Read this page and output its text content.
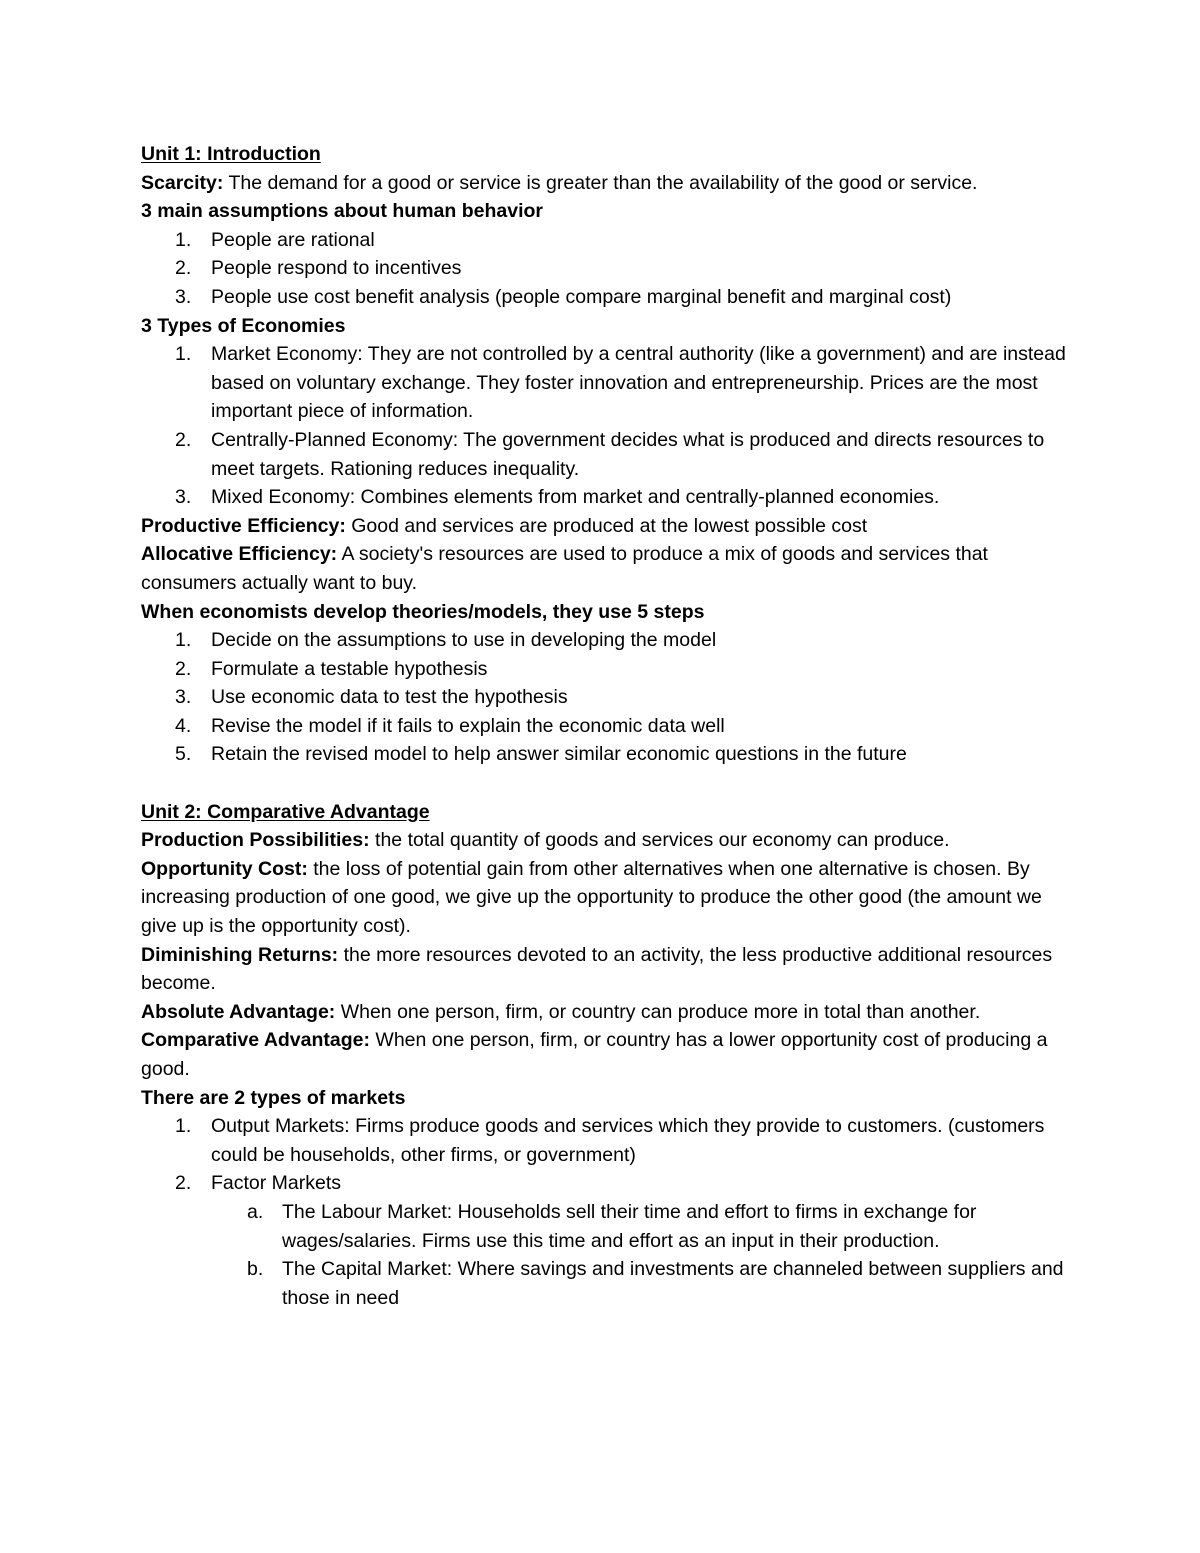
Unit 1: Introduction

Scarcity: The demand for a good or service is greater than the availability of the good or service.

3 main assumptions about human behavior
1. People are rational
2. People respond to incentives
3. People use cost benefit analysis (people compare marginal benefit and marginal cost)
3 Types of Economies
1. Market Economy: They are not controlled by a central authority (like a government) and are instead based on voluntary exchange. They foster innovation and entrepreneurship. Prices are the most important piece of information.
2. Centrally-Planned Economy: The government decides what is produced and directs resources to meet targets. Rationing reduces inequality.
3. Mixed Economy: Combines elements from market and centrally-planned economies.

Productive Efficiency: Good and services are produced at the lowest possible cost

Allocative Efficiency: A society's resources are used to produce a mix of goods and services that consumers actually want to buy.

When economists develop theories/models, they use 5 steps
1. Decide on the assumptions to use in developing the model
2. Formulate a testable hypothesis
3. Use economic data to test the hypothesis
4. Revise the model if it fails to explain the economic data well
5. Retain the revised model to help answer similar economic questions in the future
Unit 2: Comparative Advantage

Production Possibilities: the total quantity of goods and services our economy can produce.

Opportunity Cost: the loss of potential gain from other alternatives when one alternative is chosen. By increasing production of one good, we give up the opportunity to produce the other good (the amount we give up is the opportunity cost).

Diminishing Returns: the more resources devoted to an activity, the less productive additional resources become.

Absolute Advantage: When one person, firm, or country can produce more in total than another.

Comparative Advantage: When one person, firm, or country has a lower opportunity cost of producing a good.

There are 2 types of markets
1. Output Markets: Firms produce goods and services which they provide to customers. (customers could be households, other firms, or government)
2. Factor Markets
a. The Labour Market: Households sell their time and effort to firms in exchange for wages/salaries. Firms use this time and effort as an input in their production.
b. The Capital Market: Where savings and investments are channeled between suppliers and those in need
